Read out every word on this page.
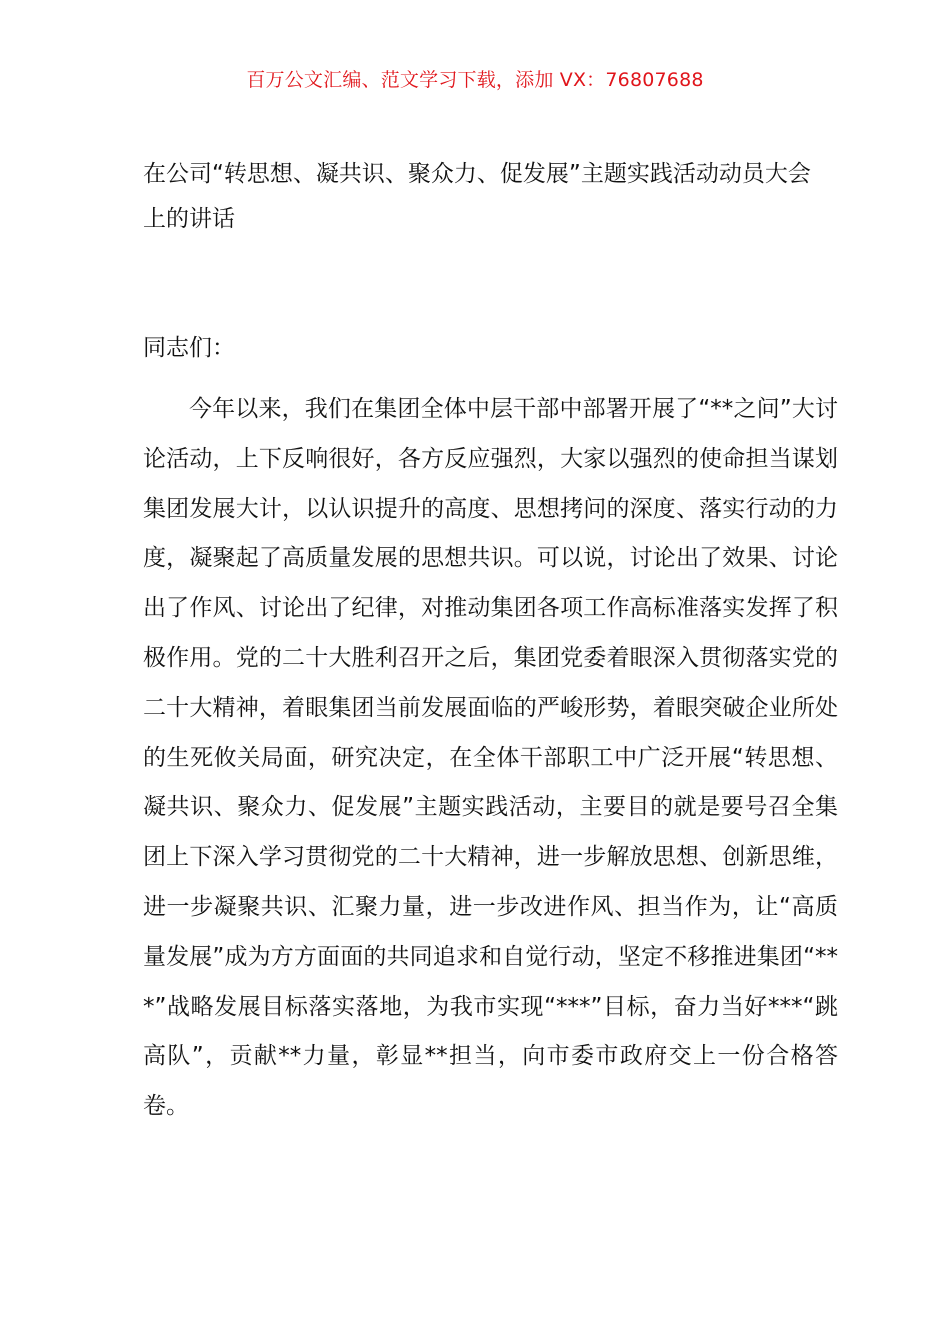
百万公文汇编、范文学习下载，添加 VX：76807688
在公司“转思想、凝共识、聚众力、促发展”主题实践活动动员大会上的讲话
同志们：

今年以来，我们在集团全体中层干部中部署开展了“**之问”大讨论活动，上下反响很好，各方反应强烈，大家以强烈的使命担当谋划集团发展大计，以认识提升的高度、思想拷问的深度、落实行动的力度，凝聚起了高质量发展的思想共识。可以说，讨论出了效果、讨论出了作风、讨论出了纪律，对推动集团各项工作高标准落实发挥了积极作用。党的二十大胜利召开之后，集团党委着眼深入贯彻落实党的二十大精神，着眼集团当前发展面临的严峻形势，着眼突破企业所处的生死攸关局面，研究决定，在全体干部职工中广泛开展“转思想、凝共识、聚众力、促发展”主题实践活动，主要目的就是要号召全集团上下深入学习贯彻党的二十大精神，进一步解放思想、创新思维，进一步凝聚共识、汇聚力量，进一步改进作风、担当作为，让“高质量发展”成为方方面面的共同追求和自觉行动，坚定不移推进集团“***”战略发展目标落实落地，为我市实现“***”目标，奋力当好***“跳高队”，贡献**力量，彰显**担当，向市委市政府交上一份合格答卷。
